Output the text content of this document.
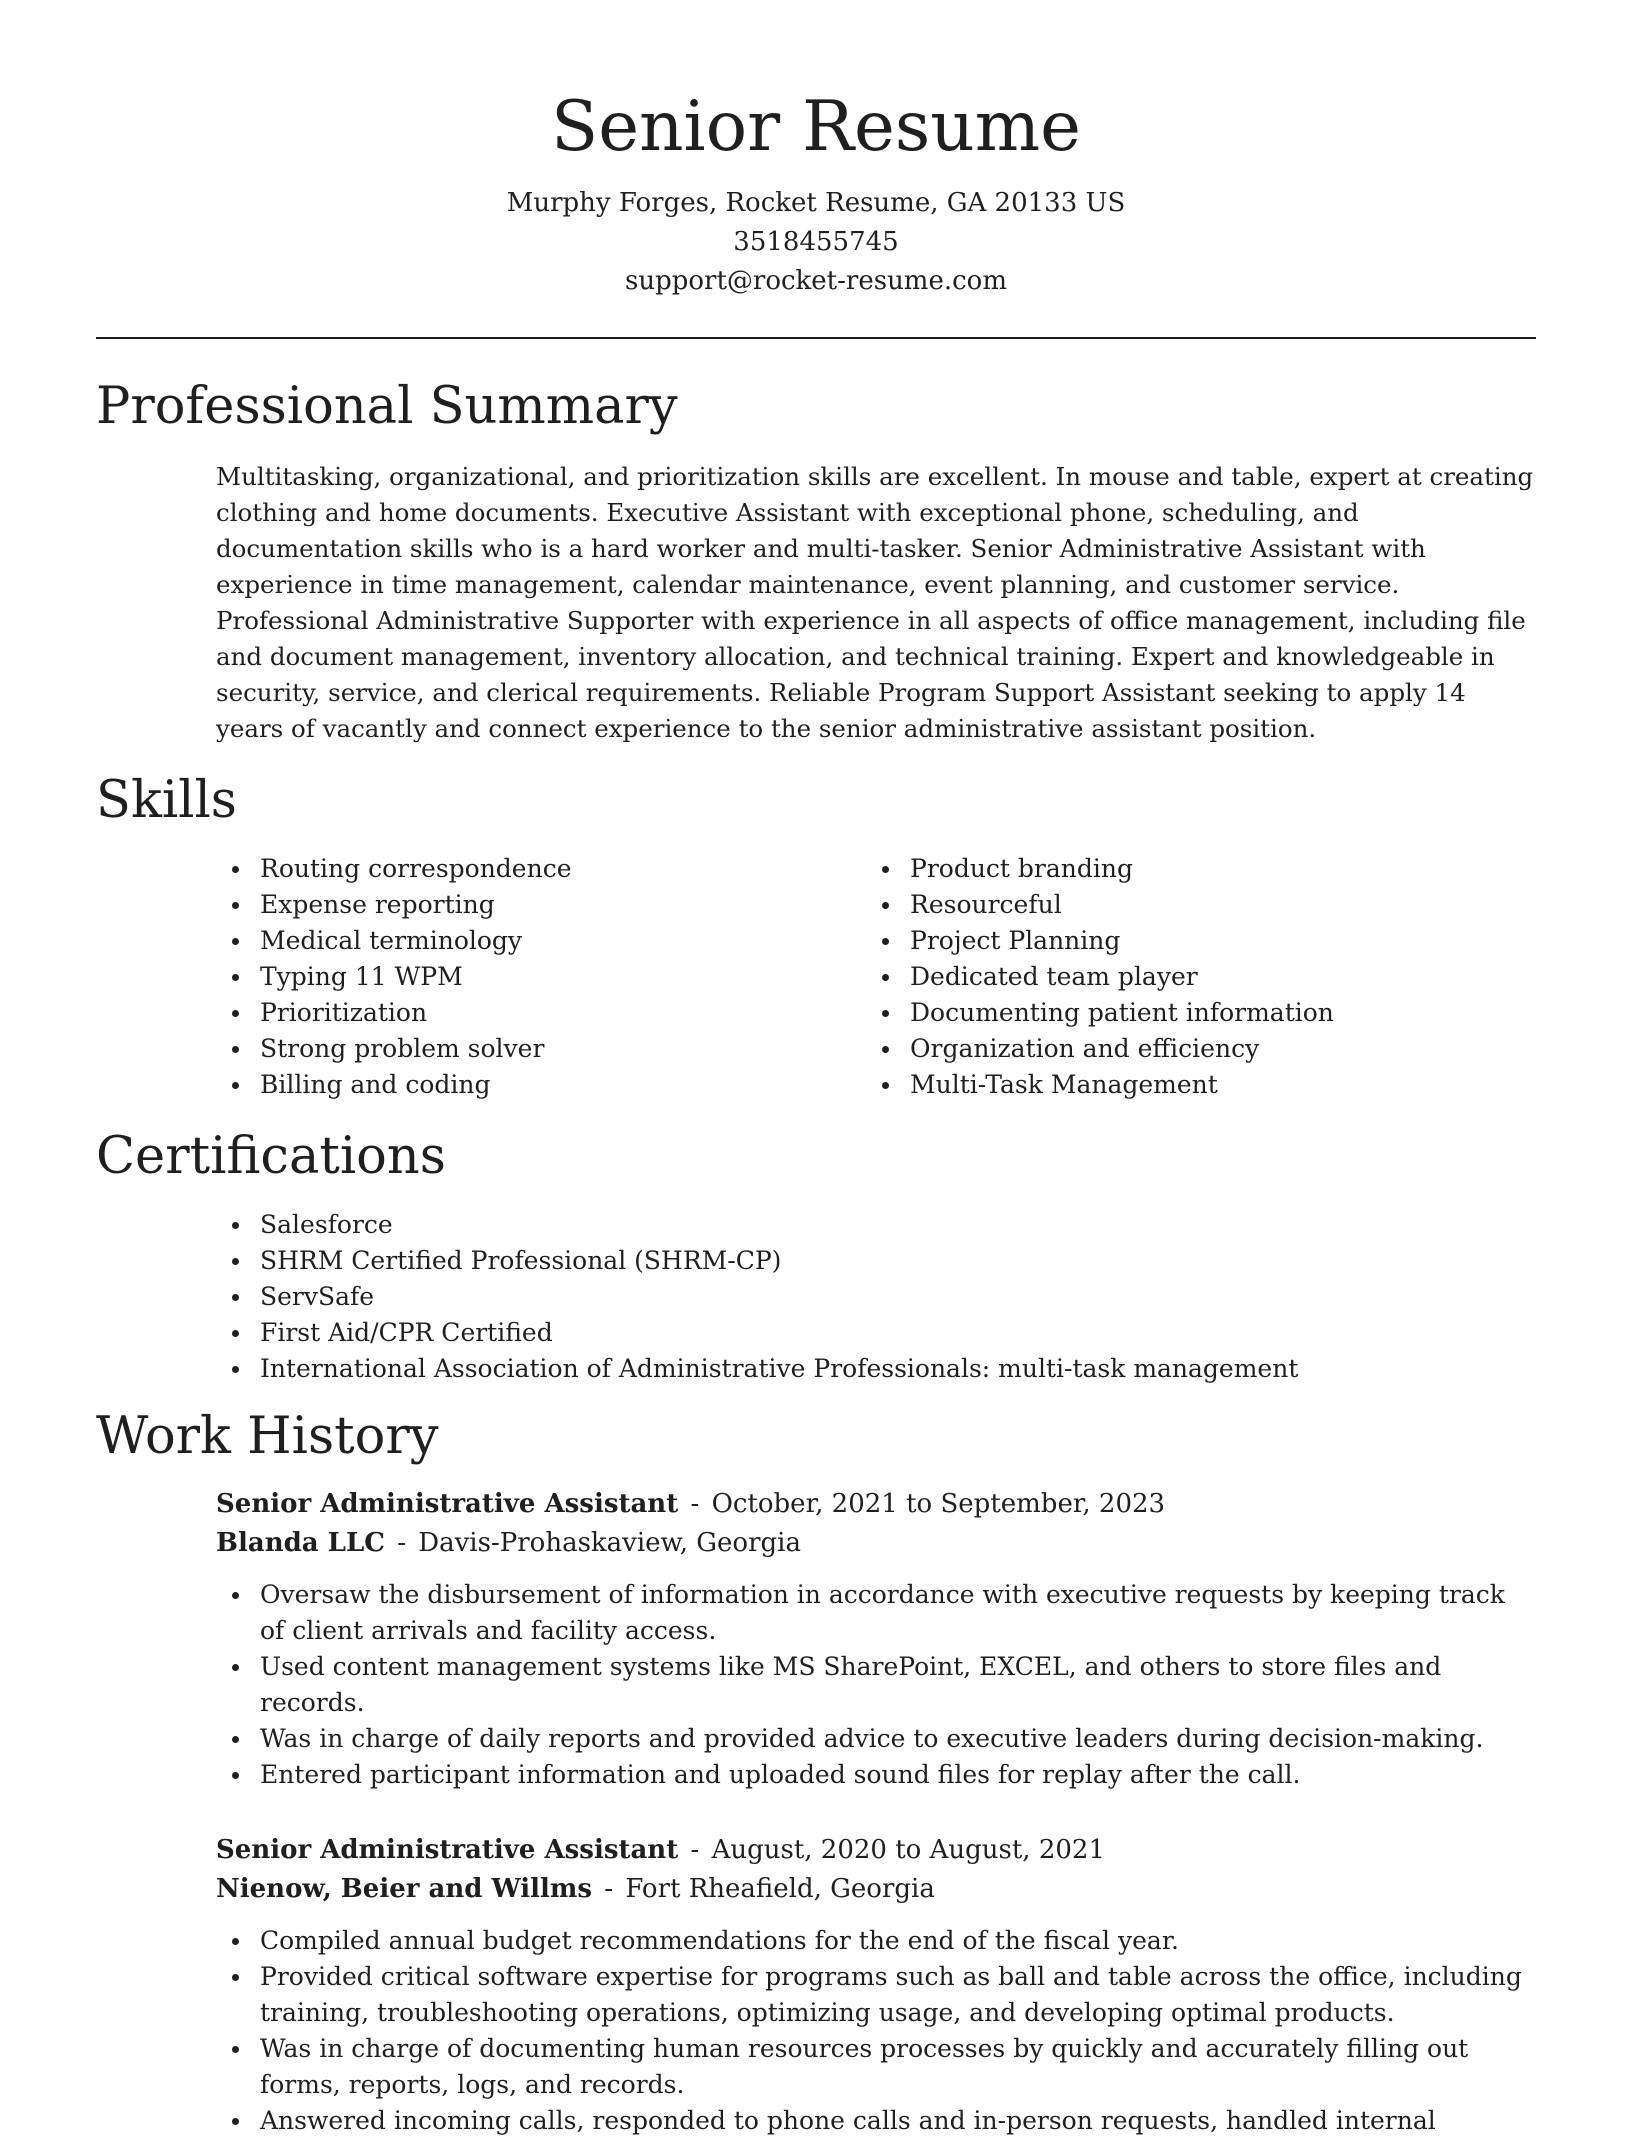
Senior Resume
Murphy Forges, Rocket Resume, GA 20133 US
3518455745
support@rocket-resume.com
Professional Summary

Multitasking, organizational, and prioritization skills are excellent. In mouse and table, expert at creating clothing and home documents. Executive Assistant with exceptional phone, scheduling, and documentation skills who is a hard worker and multi-tasker. Senior Administrative Assistant with experience in time management, calendar maintenance, event planning, and customer service. Professional Administrative Supporter with experience in all aspects of office management, including file and document management, inventory allocation, and technical training. Expert and knowledgeable in security, service, and clerical requirements. Reliable Program Support Assistant seeking to apply 14 years of vacantly and connect experience to the senior administrative assistant position.

Skills
Routing correspondence
Expense reporting
Medical terminology
Typing 11 WPM
Prioritization
Strong problem solver
Billing and coding
Product branding
Resourceful
Project Planning
Dedicated team player
Documenting patient information
Organization and efficiency
Multi-Task Management
Certifications
Salesforce
SHRM Certified Professional (SHRM-CP)
ServSafe
First Aid/CPR Certified
International Association of Administrative Professionals: multi-task management
Work History
Senior Administrative Assistant - October, 2021 to September, 2023
Blanda LLC - Davis-Prohaskaview, Georgia
Oversaw the disbursement of information in accordance with executive requests by keeping track of client arrivals and facility access.
Used content management systems like MS SharePoint, EXCEL, and others to store files and records.
Was in charge of daily reports and provided advice to executive leaders during decision-making.
Entered participant information and uploaded sound files for replay after the call.
Senior Administrative Assistant - August, 2020 to August, 2021
Nienow, Beier and Willms - Fort Rheafield, Georgia
Compiled annual budget recommendations for the end of the fiscal year.
Provided critical software expertise for programs such as ball and table across the office, including training, troubleshooting operations, optimizing usage, and developing optimal products.
Was in charge of documenting human resources processes by quickly and accurately filling out forms, reports, logs, and records.
Answered incoming calls, responded to phone calls and in-person requests, handled internal
